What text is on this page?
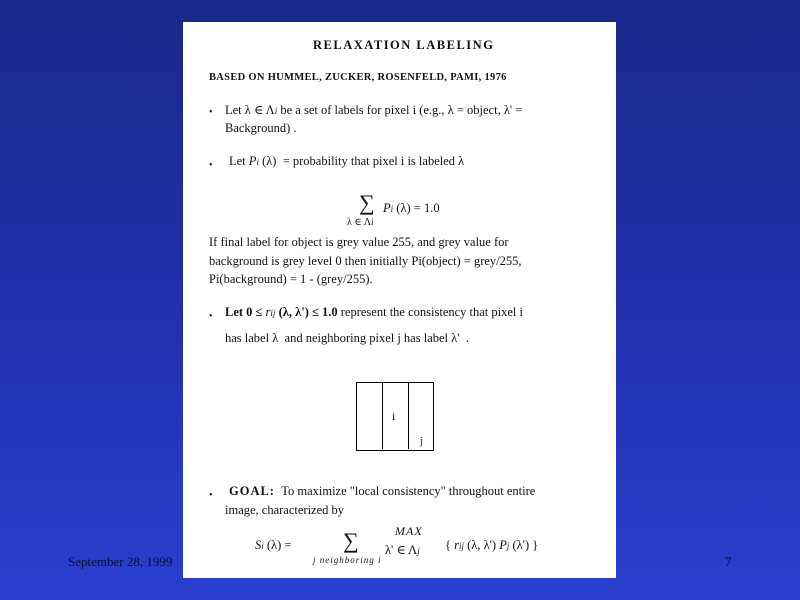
RELAXATION LABELING
BASED ON HUMMEL, ZUCKER, ROSENFELD, PAMI, 1976
• Let λ ∈ Λi be a set of labels for pixel i (e.g., λ = object, λ' =
Background) .
• Let Pi (λ) = probability that pixel i is labeled λ
∑
λ ∈ Λi
Pi (λ) = 1.0
If final label for object is grey value 255, and grey value for
background is grey level 0 then initially Pi(object) = grey/255,
Pi(background) = 1 - (grey/255).
• Let 0 ≤ rij (λ, λ') ≤ 1.0 represent the consistency that pixel i
has label λ and neighboring pixel j has label λ' .
i
j
• GOAL: To maximize "local consistency" throughout entire
image, characterized by
MAX
Si (λ) = ∑
j neighboring i
λ' ∈ Λj { rij (λ, λ') Pj (λ') }
September 28, 1999	7
